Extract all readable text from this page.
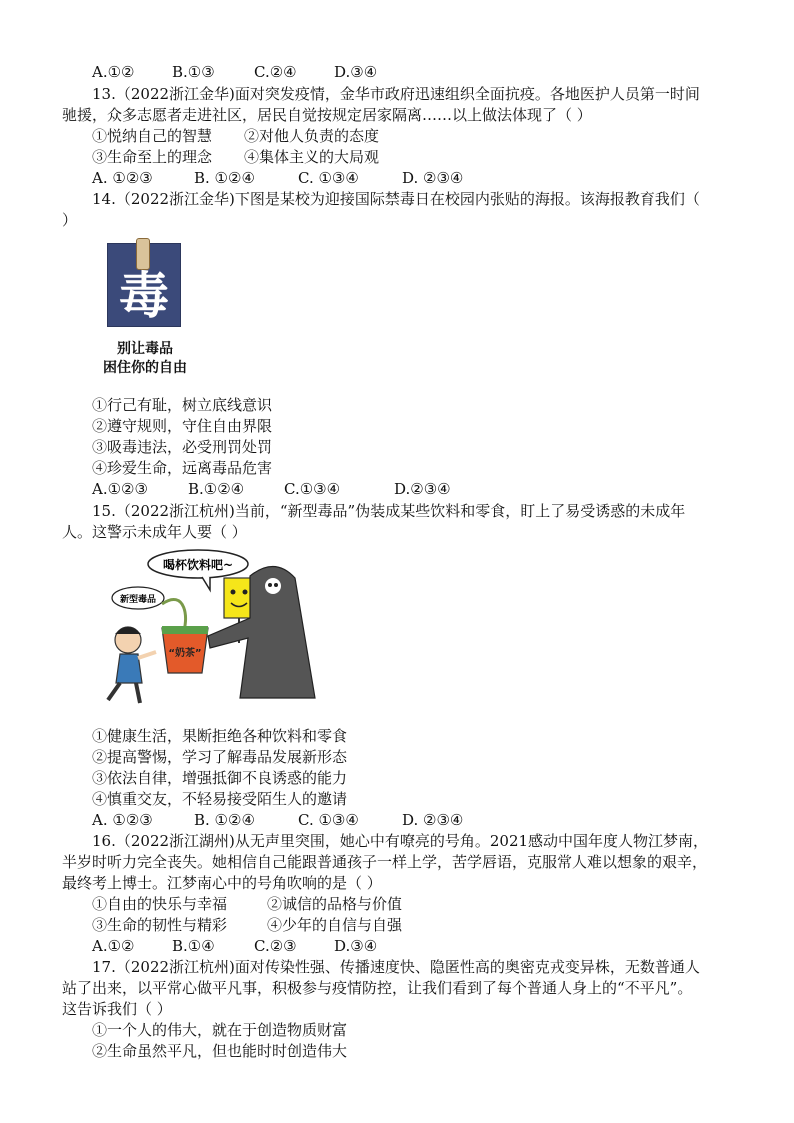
A.①②	B.①③	C.②④ D.③④
13.（2022浙江金华)面对突发疫情，金华市政府迅速组织全面抗疫。各地医护人员第一时间
驰援，众多志愿者走进社区，居民自觉按规定居家隔离……以上做法体现了（ ）
①悦纳自己的智慧 ②对他人负责的态度
③生命至上的理念 ④集体主义的大局观
A. ①②③	B. ①②④	C. ①③④	D. ②③④
14.（2022浙江金华)下图是某校为迎接国际禁毒日在校园内张贴的海报。该海报教育我们（
）
毒
别让毒品
困住你的自由
①行己有耻，树立底线意识
②遵守规则，守住自由界限
③吸毒违法，必受刑罚处罚
④珍爱生命，远离毒品危害
A.①②③	B.①②④	C.①③④	D.②③④
15.（2022浙江杭州)当前，“新型毒品”伪装成某些饮料和零食，盯上了易受诱惑的未成年
人。这警示未成年人要（ ）
喝杯饮料吧~
新型毒品
“奶茶”
①健康生活，果断拒绝各种饮料和零食
②提高警惕，学习了解毒品发展新形态
③依法自律，增强抵御不良诱惑的能力
④慎重交友，不轻易接受陌生人的邀请
A. ①②③	B. ①②④	C. ①③④	D. ②③④
16.（2022浙江湖州)从无声里突围，她心中有嘹亮的号角。2021感动中国年度人物江梦南，
半岁时听力完全丧失。她相信自己能跟普通孩子一样上学，苦学唇语，克服常人难以想象的艰辛，
最终考上博士。江梦南心中的号角吹响的是（ ）
①自由的快乐与幸福	②诚信的品格与价值
③生命的韧性与精彩	④少年的自信与自强
A.①②	B.①④	C.②③ D.③④
17.（2022浙江杭州)面对传染性强、传播速度快、隐匿性高的奥密克戎变异株，无数普通人
站了出来，以平常心做平凡事，积极参与疫情防控，让我们看到了每个普通人身上的“不平凡”。
这告诉我们（ ）
①一个人的伟大，就在于创造物质财富
②生命虽然平凡，但也能时时创造伟大
